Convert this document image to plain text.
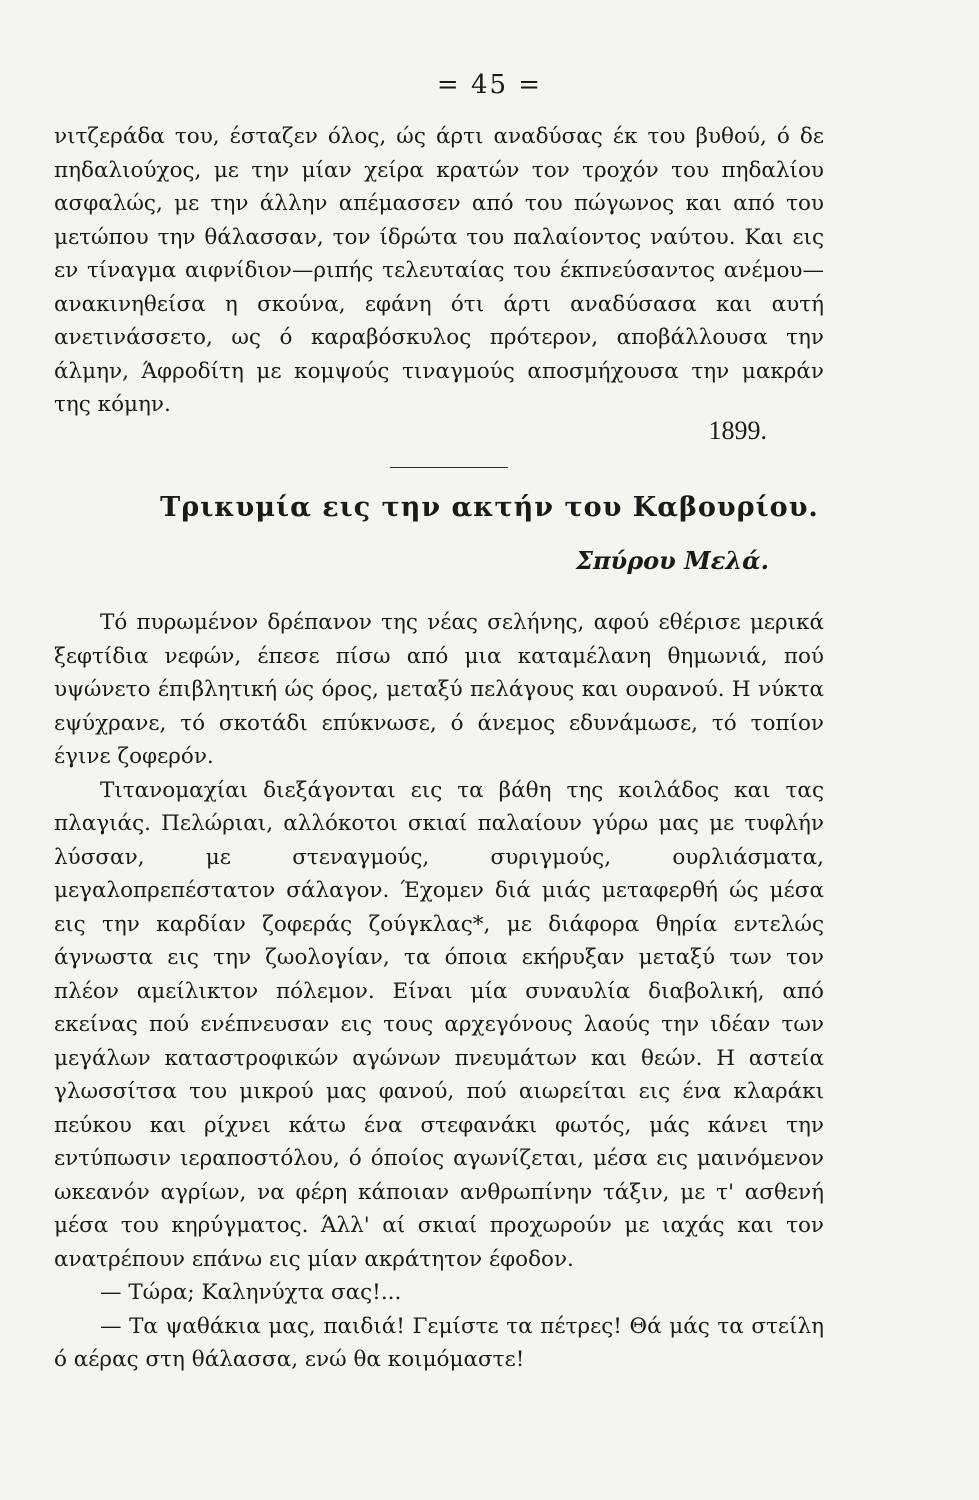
= 45 =

νιτζεράδα του, έσταζεν όλος, ώς άρτι αναδύσας έκ του βυθού, ό δε πηδαλιούχος, με την μίαν χείρα κρατών τον τροχόν του πηδαλίου ασφαλώς, με την άλλην απέμασσεν από του πώγωνος και από του μετώπου την θάλασσαν, τον ίδρώτα του παλαίοντος ναύτου. Και εις εν τίναγμα αιφνίδιον—ριπής τελευταίας του έκπνεύσαντος ανέμου—ανακινηθείσα η σκούνα, εφάνη ότι άρτι αναδύσασα και αυτή ανετινάσσετο, ως ό καραβόσκυλος πρότερον, αποβάλλουσα την άλμην, Άφροδίτη με κομψούς τιναγμούς αποσμήχουσα την μακράν της κόμην.

1899.
Τρικυμία εις την ακτήν του Καβουρίου.
Σπύρου Μελά.

Τό πυρωμένον δρέπανον της νέας σελήνης, αφού εθέρισε μερικά ξεφτίδια νεφών, έπεσε πίσω από μια καταμέλανη θημωνιά, πού υψώνετο έπιβλητική ώς όρος, μεταξύ πελάγους και ουρανού. Η νύκτα εψύχρανε, τό σκοτάδι επύκνωσε, ό άνεμος εδυνάμωσε, τό τοπίον έγινε ζοφερόν.

Τιτανομαχίαι διεξάγονται εις τα βάθη της κοιλάδος και τας πλαγιάς. Πελώριαι, αλλόκοτοι σκιαί παλαίουν γύρω μας με τυφλήν λύσσαν, με στεναγμούς, συριγμούς, ουρλιάσματα, μεγαλοπρεπέστατον σάλαγον. Έχομεν διά μιάς μεταφερθή ώς μέσα εις την καρδίαν ζοφεράς ζούγκλας*, με διάφορα θηρία εντελώς άγνωστα εις την ζωολογίαν, τα όποια εκήρυξαν μεταξύ των τον πλέον αμείλικτον πόλεμον. Είναι μία συναυλία διαβολική, από εκείνας πού ενέπνευσαν εις τους αρχεγόνους λαούς την ιδέαν των μεγάλων καταστροφικών αγώνων πνευμάτων και θεών. Η αστεία γλωσσίτσα του μικρού μας φανού, πού αιωρείται εις ένα κλαράκι πεύκου και ρίχνει κάτω ένα στεφανάκι φωτός, μάς κάνει την εντύπωσιν ιεραποστόλου, ό όποίος αγωνίζεται, μέσα εις μαινόμενον ωκεανόν αγρίων, να φέρη κάποιαν ανθρωπίνην τάξιν, με τ' ασθενή μέσα του κηρύγματος. Άλλ' αί σκιαί προχωρούν με ιαχάς και τον ανατρέπουν επάνω εις μίαν ακράτητον έφοδον.

— Τώρα; Καληνύχτα σας!...

— Τα ψαθάκια μας, παιδιά! Γεμίστε τα πέτρες! Θά μάς τα στείλη ό αέρας στη θάλασσα, ενώ θα κοιμόμαστε!
